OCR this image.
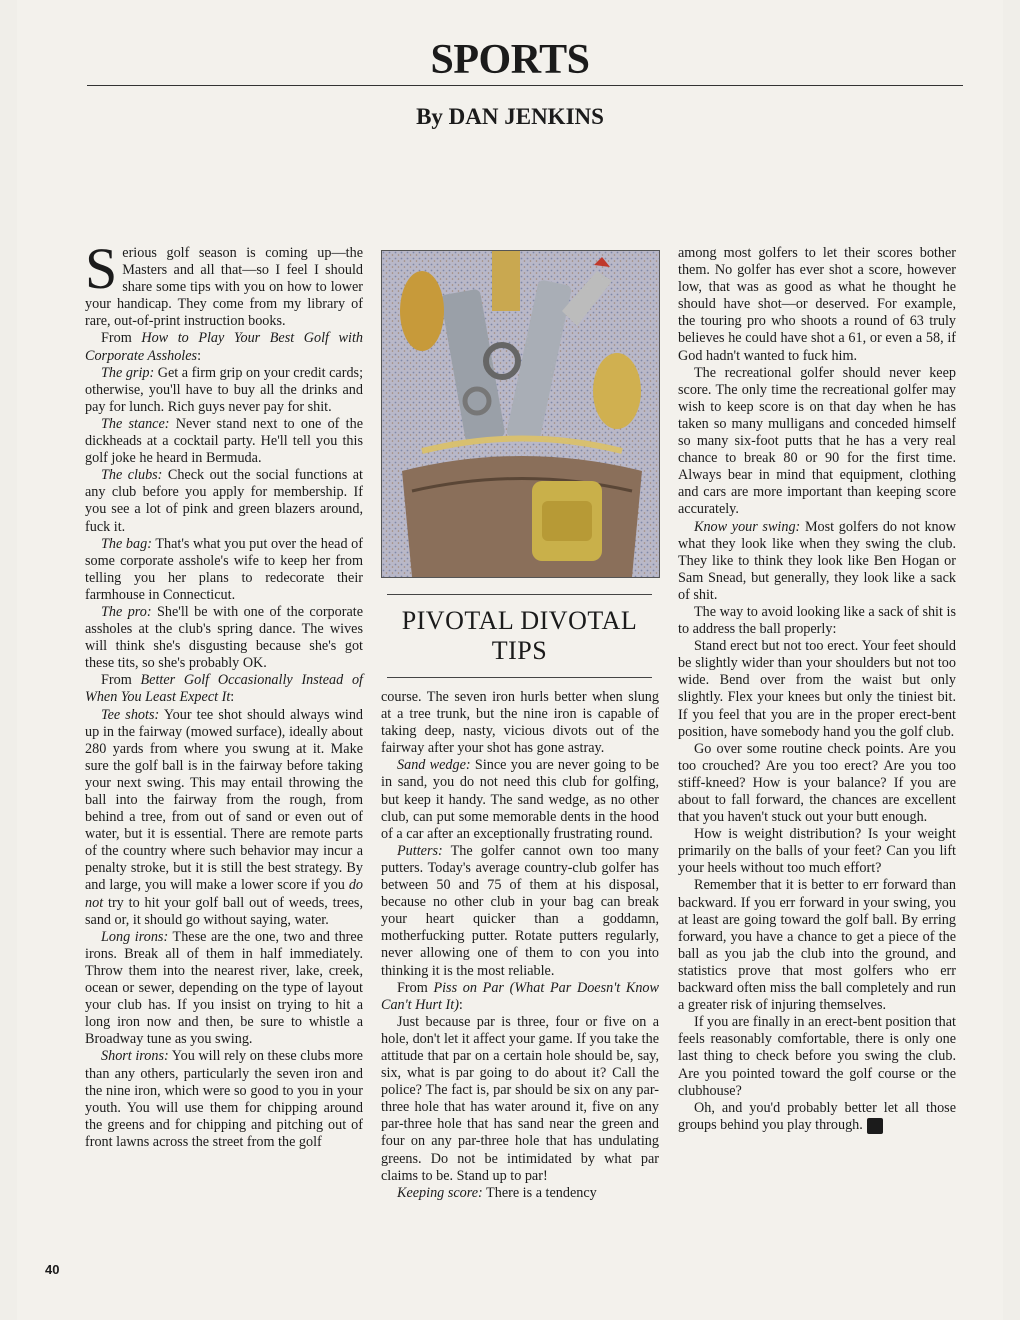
SPORTS
By DAN JENKINS

Serious golf season is coming up—the Masters and all that—so I feel I should share some tips with you on how to lower your handicap. They come from my library of rare, out-of-print instruction books.

From How to Play Your Best Golf with Corporate Assholes:

The grip: Get a firm grip on your credit cards; otherwise, you'll have to buy all the drinks and pay for lunch. Rich guys never pay for shit.

The stance: Never stand next to one of the dickheads at a cocktail party. He'll tell you this golf joke he heard in Bermuda.

The clubs: Check out the social functions at any club before you apply for membership. If you see a lot of pink and green blazers around, fuck it.

The bag: That's what you put over the head of some corporate asshole's wife to keep her from telling you her plans to redecorate their farmhouse in Connecticut.

The pro: She'll be with one of the corporate assholes at the club's spring dance. The wives will think she's disgusting because she's got these tits, so she's probably OK.

From Better Golf Occasionally Instead of When You Least Expect It:

Tee shots: Your tee shot should always wind up in the fairway (mowed surface), ideally about 280 yards from where you swung at it. Make sure the golf ball is in the fairway before taking your next swing. This may entail throwing the ball into the fairway from the rough, from behind a tree, from out of sand or even out of water, but it is essential. There are remote parts of the country where such behavior may incur a penalty stroke, but it is still the best strategy. By and large, you will make a lower score if you do not try to hit your golf ball out of weeds, trees, sand or, it should go without saying, water.

Long irons: These are the one, two and three irons. Break all of them in half immediately. Throw them into the nearest river, lake, creek, ocean or sewer, depending on the type of layout your club has. If you insist on trying to hit a long iron now and then, be sure to whistle a Broadway tune as you swing.

Short irons: You will rely on these clubs more than any others, particularly the seven iron and the nine iron, which were so good to you in your youth. You will use them for chipping around the greens and for chipping and pitching out of front lawns across the street from the golf

PIVOTAL DIVOTAL
TIPS

course. The seven iron hurls better when slung at a tree trunk, but the nine iron is capable of taking deep, nasty, vicious divots out of the fairway after your shot has gone astray.

Sand wedge: Since you are never going to be in sand, you do not need this club for golfing, but keep it handy. The sand wedge, as no other club, can put some memorable dents in the hood of a car after an exceptionally frustrating round.

Putters: The golfer cannot own too many putters. Today's average country-club golfer has between 50 and 75 of them at his disposal, because no other club in your bag can break your heart quicker than a goddamn, motherfucking putter. Rotate putters regularly, never allowing one of them to con you into thinking it is the most reliable.

From Piss on Par (What Par Doesn't Know Can't Hurt It):

Just because par is three, four or five on a hole, don't let it affect your game. If you take the attitude that par on a certain hole should be, say, six, what is par going to do about it? Call the police? The fact is, par should be six on any par-three hole that has water around it, five on any par-three hole that has sand near the green and four on any par-three hole that has undulating greens. Do not be intimidated by what par claims to be. Stand up to par!

Keeping score: There is a tendency

among most golfers to let their scores bother them. No golfer has ever shot a score, however low, that was as good as what he thought he should have shot—or deserved. For example, the touring pro who shoots a round of 63 truly believes he could have shot a 61, or even a 58, if God hadn't wanted to fuck him.

The recreational golfer should never keep score. The only time the recreational golfer may wish to keep score is on that day when he has taken so many mulligans and conceded himself so many six-foot putts that he has a very real chance to break 80 or 90 for the first time. Always bear in mind that equipment, clothing and cars are more important than keeping score accurately.

Know your swing: Most golfers do not know what they look like when they swing the club. They like to think they look like Ben Hogan or Sam Snead, but generally, they look like a sack of shit.

The way to avoid looking like a sack of shit is to address the ball properly:

Stand erect but not too erect. Your feet should be slightly wider than your shoulders but not too wide. Bend over from the waist but only slightly. Flex your knees but only the tiniest bit. If you feel that you are in the proper erect-bent position, have somebody hand you the golf club.

Go over some routine check points. Are you too crouched? Are you too erect? Are you too stiff-kneed? How is your balance? If you are about to fall forward, the chances are excellent that you haven't stuck out your butt enough.

How is weight distribution? Is your weight primarily on the balls of your feet? Can you lift your heels without too much effort?

Remember that it is better to err forward than backward. If you err forward in your swing, you at least are going toward the golf ball. By erring forward, you have a chance to get a piece of the ball as you jab the club into the ground, and statistics prove that most golfers who err backward often miss the ball completely and run a greater risk of injuring themselves.

If you are finally in an erect-bent position that feels reasonably comfortable, there is only one last thing to check before you swing the club. Are you pointed toward the golf course or the clubhouse?

Oh, and you'd probably better let all those groups behind you play through. ✦

40
